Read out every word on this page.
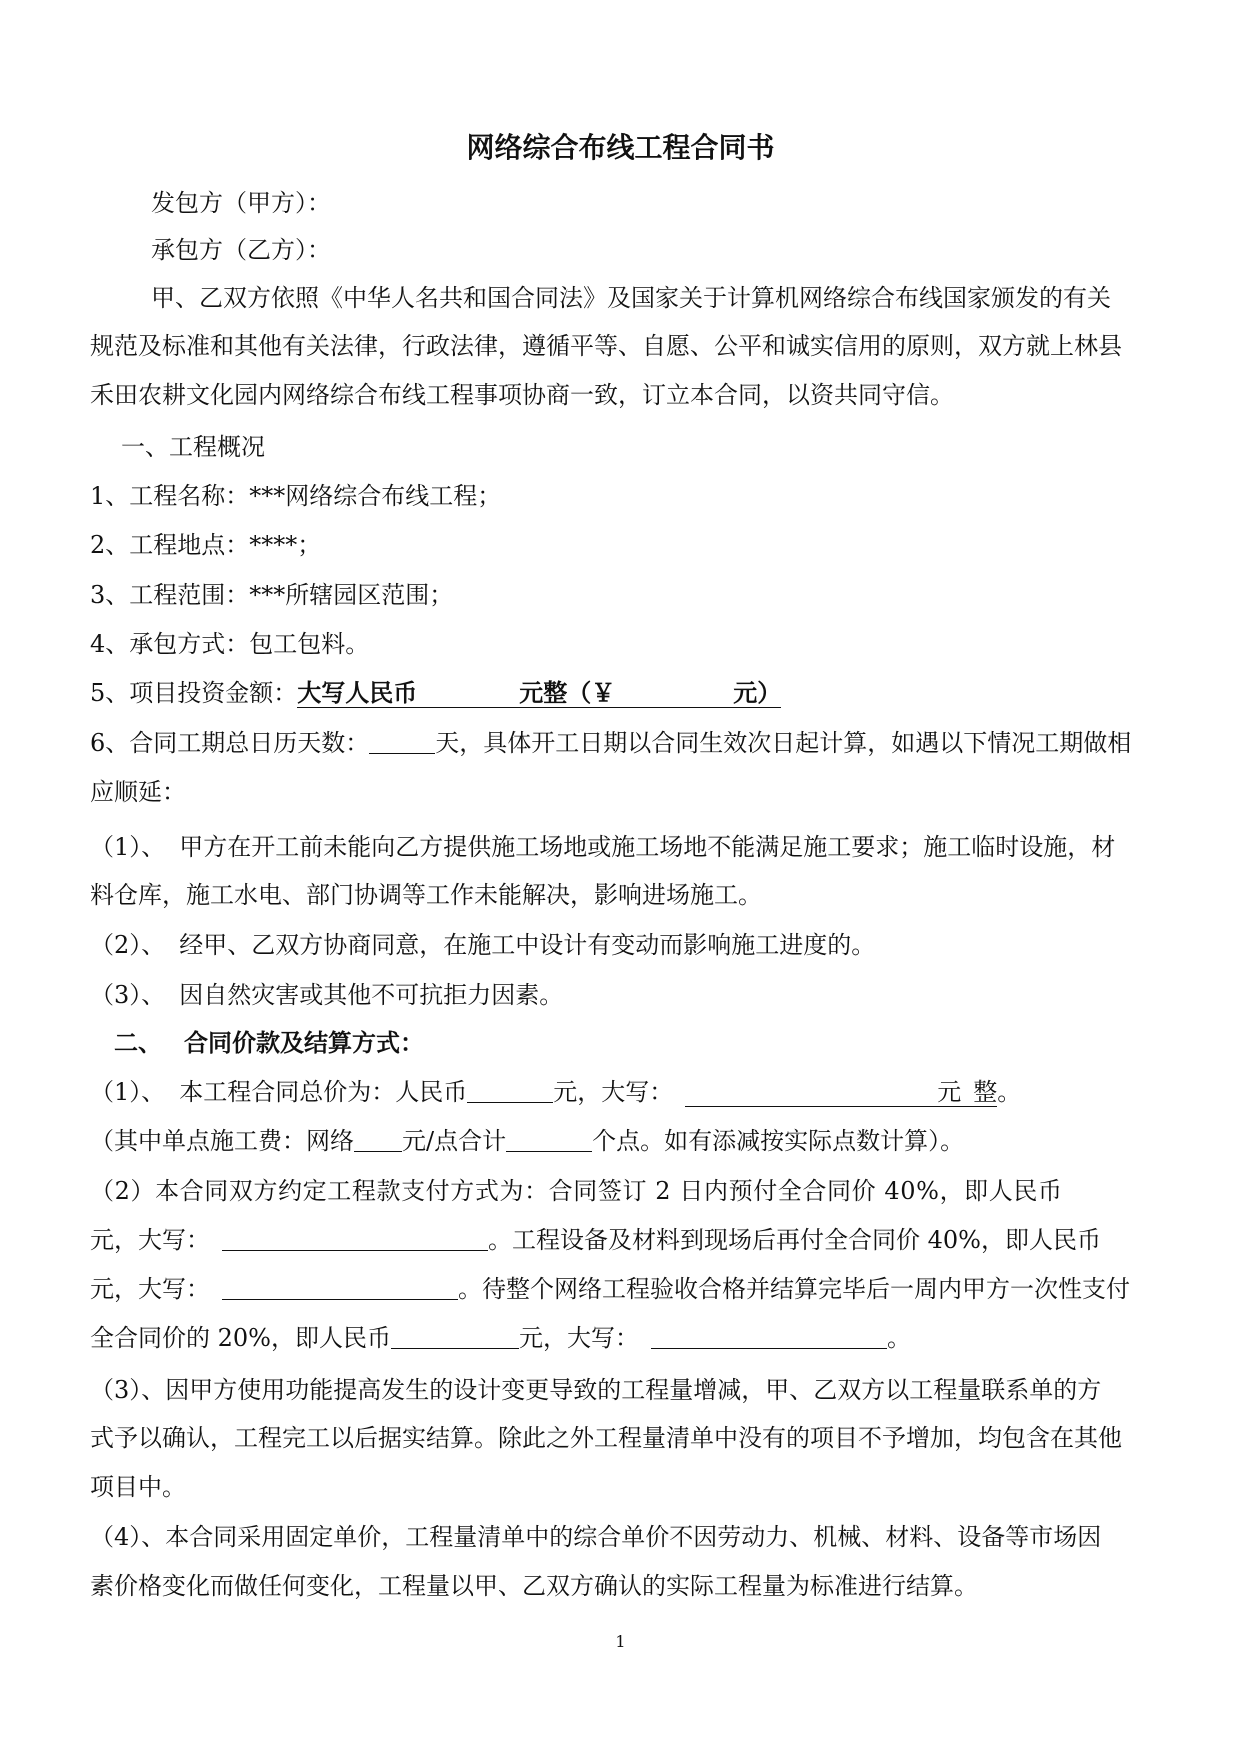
网络综合布线工程合同书
发包方（甲方）：
承包方（乙方）：
甲、乙双方依照《中华人名共和国合同法》及国家关于计算机网络综合布线国家颁发的有关
规范及标准和其他有关法律，行政法律，遵循平等、自愿、公平和诚实信用的原则，双方就上林县
禾田农耕文化园内网络综合布线工程事项协商一致，订立本合同，以资共同守信。
一、工程概况
1、工程名称：***网络综合布线工程；
2、工程地点：****；
3、工程范围：***所辖园区范围；
4、承包方式：包工包料。
5、项目投资金额：大写人民币	元整（￥	元）
6、合同工期总日历天数：	天，具体开工日期以合同生效次日起计算，如遇以下情况工期做相
应顺延：
（1）、 甲方在开工前未能向乙方提供施工场地或施工场地不能满足施工要求；施工临时设施，材
料仓库，施工水电、部门协调等工作未能解决，影响进场施工。
（2）、 经甲、乙双方协商同意，在施工中设计有变动而影响施工进度的。
（3）、 因自然灾害或其他不可抗拒力因素。
二、 合同价款及结算方式：
（1）、 本工程合同总价为：人民币	元，大写：	元 整。
（其中单点施工费：网络 元/点合计	个点。如有添减按实际点数计算）。
（2）本合同双方约定工程款支付方式为：合同签订 2 日内预付全合同价 40%，即人民币
元，大写：	。工程设备及材料到现场后再付全合同价 40%，即人民币
元，大写：	。待整个网络工程验收合格并结算完毕后一周内甲方一次性支付
全合同价的 20%，即人民币	元，大写：	。
（3）、因甲方使用功能提高发生的设计变更导致的工程量增减，甲、乙双方以工程量联系单的方
式予以确认，工程完工以后据实结算。除此之外工程量清单中没有的项目不予增加，均包含在其他
项目中。
（4）、本合同采用固定单价，工程量清单中的综合单价不因劳动力、机械、材料、设备等市场因
素价格变化而做任何变化，工程量以甲、乙双方确认的实际工程量为标准进行结算。
1
